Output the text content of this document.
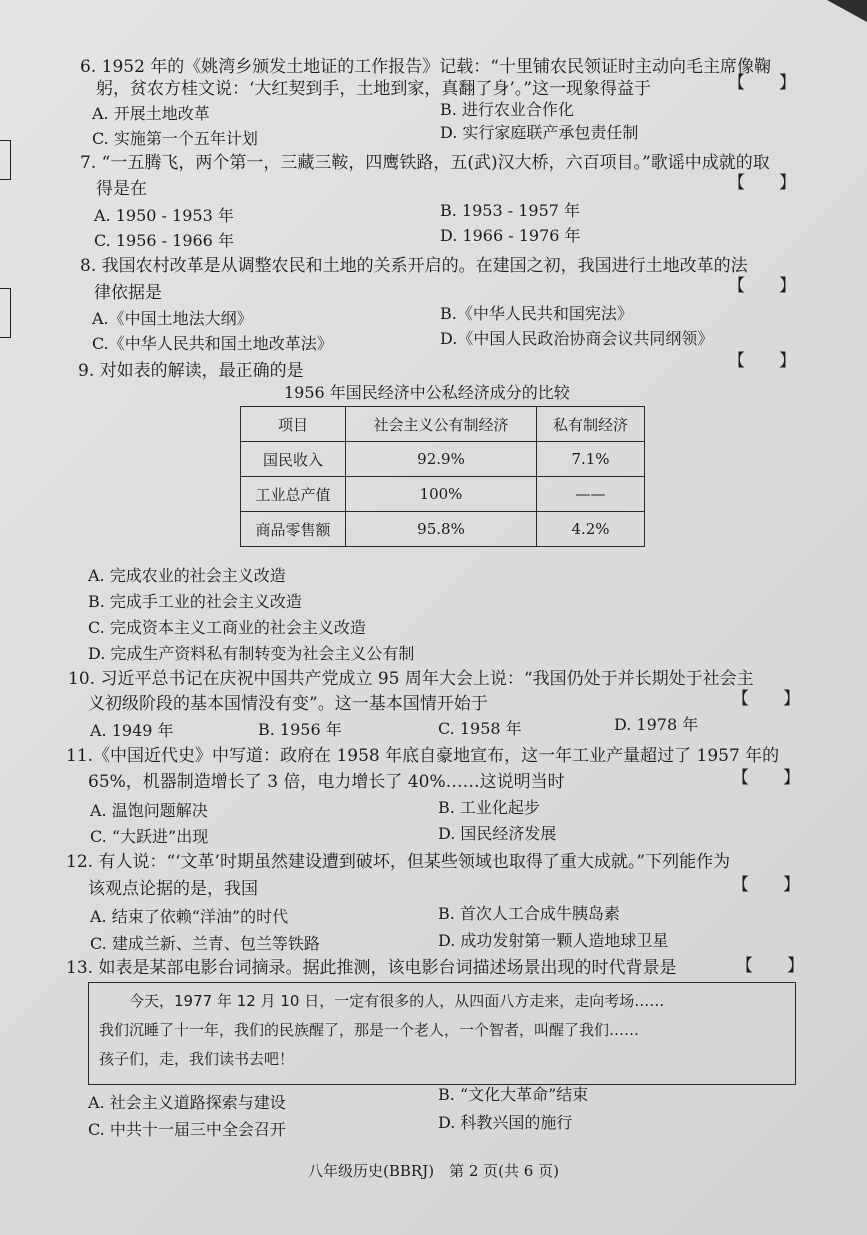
6. 1952 年的《姚湾乡颁发土地证的工作报告》记载：“十里铺农民领证时主动向毛主席像鞠
躬，贫农方桂文说：‘大红契到手，土地到家，真翻了身’。”这一现象得益于	【　　】
A. 开展土地改革	B. 进行农业合作化
C. 实施第一个五年计划	D. 实行家庭联产承包责任制
7. “一五腾飞，两个第一，三藏三鞍，四鹰铁路，五(武)汉大桥，六百项目。”歌谣中成就的取
得是在	【　　】
A. 1950 - 1953 年	B. 1953 - 1957 年
C. 1956 - 1966 年	D. 1966 - 1976 年
8. 我国农村改革是从调整农民和土地的关系开启的。在建国之初，我国进行土地改革的法
律依据是	【　　】
A.《中国土地法大纲》	B.《中华人民共和国宪法》
C.《中华人民共和国土地改革法》	D.《中国人民政治协商会议共同纲领》
【　　】
9. 对如表的解读，最正确的是
1956 年国民经济中公私经济成分的比较
项目	社会主义公有制经济	私有制经济
国民收入	92.9%	7.1%
工业总产值	100%	——
商品零售额	95.8%	4.2%
A. 完成农业的社会主义改造
B. 完成手工业的社会主义改造
C. 完成资本主义工商业的社会主义改造
D. 完成生产资料私有制转变为社会主义公有制
10. 习近平总书记在庆祝中国共产党成立 95 周年大会上说：“我国仍处于并长期处于社会主
义初级阶段的基本国情没有变”。这一基本国情开始于	【　　】
A. 1949 年	B. 1956 年	C. 1958 年	D. 1978 年
11.《中国近代史》中写道：政府在 1958 年底自豪地宣布，这一年工业产量超过了 1957 年的
65%，机器制造增长了 3 倍，电力增长了 40%……这说明当时	【　　】
A. 温饱问题解决	B. 工业化起步
C. “大跃进”出现	D. 国民经济发展
12. 有人说：“‘文革’时期虽然建设遭到破坏，但某些领域也取得了重大成就。”下列能作为
该观点论据的是，我国	【　　】
A. 结束了依赖“洋油”的时代	B. 首次人工合成牛胰岛素
C. 建成兰新、兰青、包兰等铁路	D. 成功发射第一颗人造地球卫星
13. 如表是某部电影台词摘录。据此推测，该电影台词描述场景出现的时代背景是	【　　】
　　今天，1977 年 12 月 10 日，一定有很多的人，从四面八方走来，走向考场……
我们沉睡了十一年，我们的民族醒了，那是一个老人，一个智者，叫醒了我们……
孩子们，走，我们读书去吧！
A. 社会主义道路探索与建设	B. “文化大革命”结束
C. 中共十一届三中全会召开	D. 科教兴国的施行
八年级历史(BBRJ)　第 2 页(共 6 页)
